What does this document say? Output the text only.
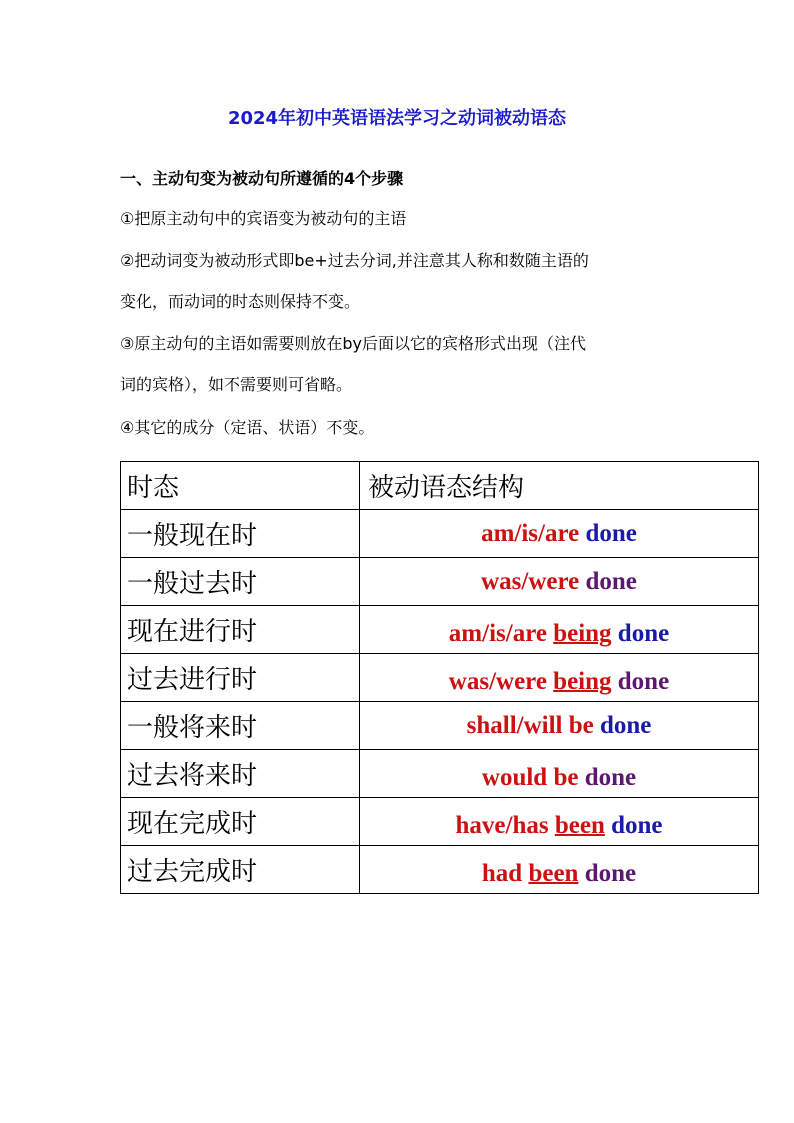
2024年初中英语语法学习之动词被动语态
一、主动句变为被动句所遵循的4个步骤
①把原主动句中的宾语变为被动句的主语
②把动词变为被动形式即be+过去分词,并注意其人称和数随主语的
变化，而动词的时态则保持不变。
③原主动句的主语如需要则放在by后面以它的宾格形式出现（注代
词的宾格），如不需要则可省略。
④其它的成分（定语、状语）不变。
时态	被动语态结构
一般现在时	am/is/are done
一般过去时	was/were done
现在进行时	am/is/are being done
过去进行时	was/were being done
一般将来时	shall/will be done
过去将来时	would be done
现在完成时	have/has been done
过去完成时	had been done
